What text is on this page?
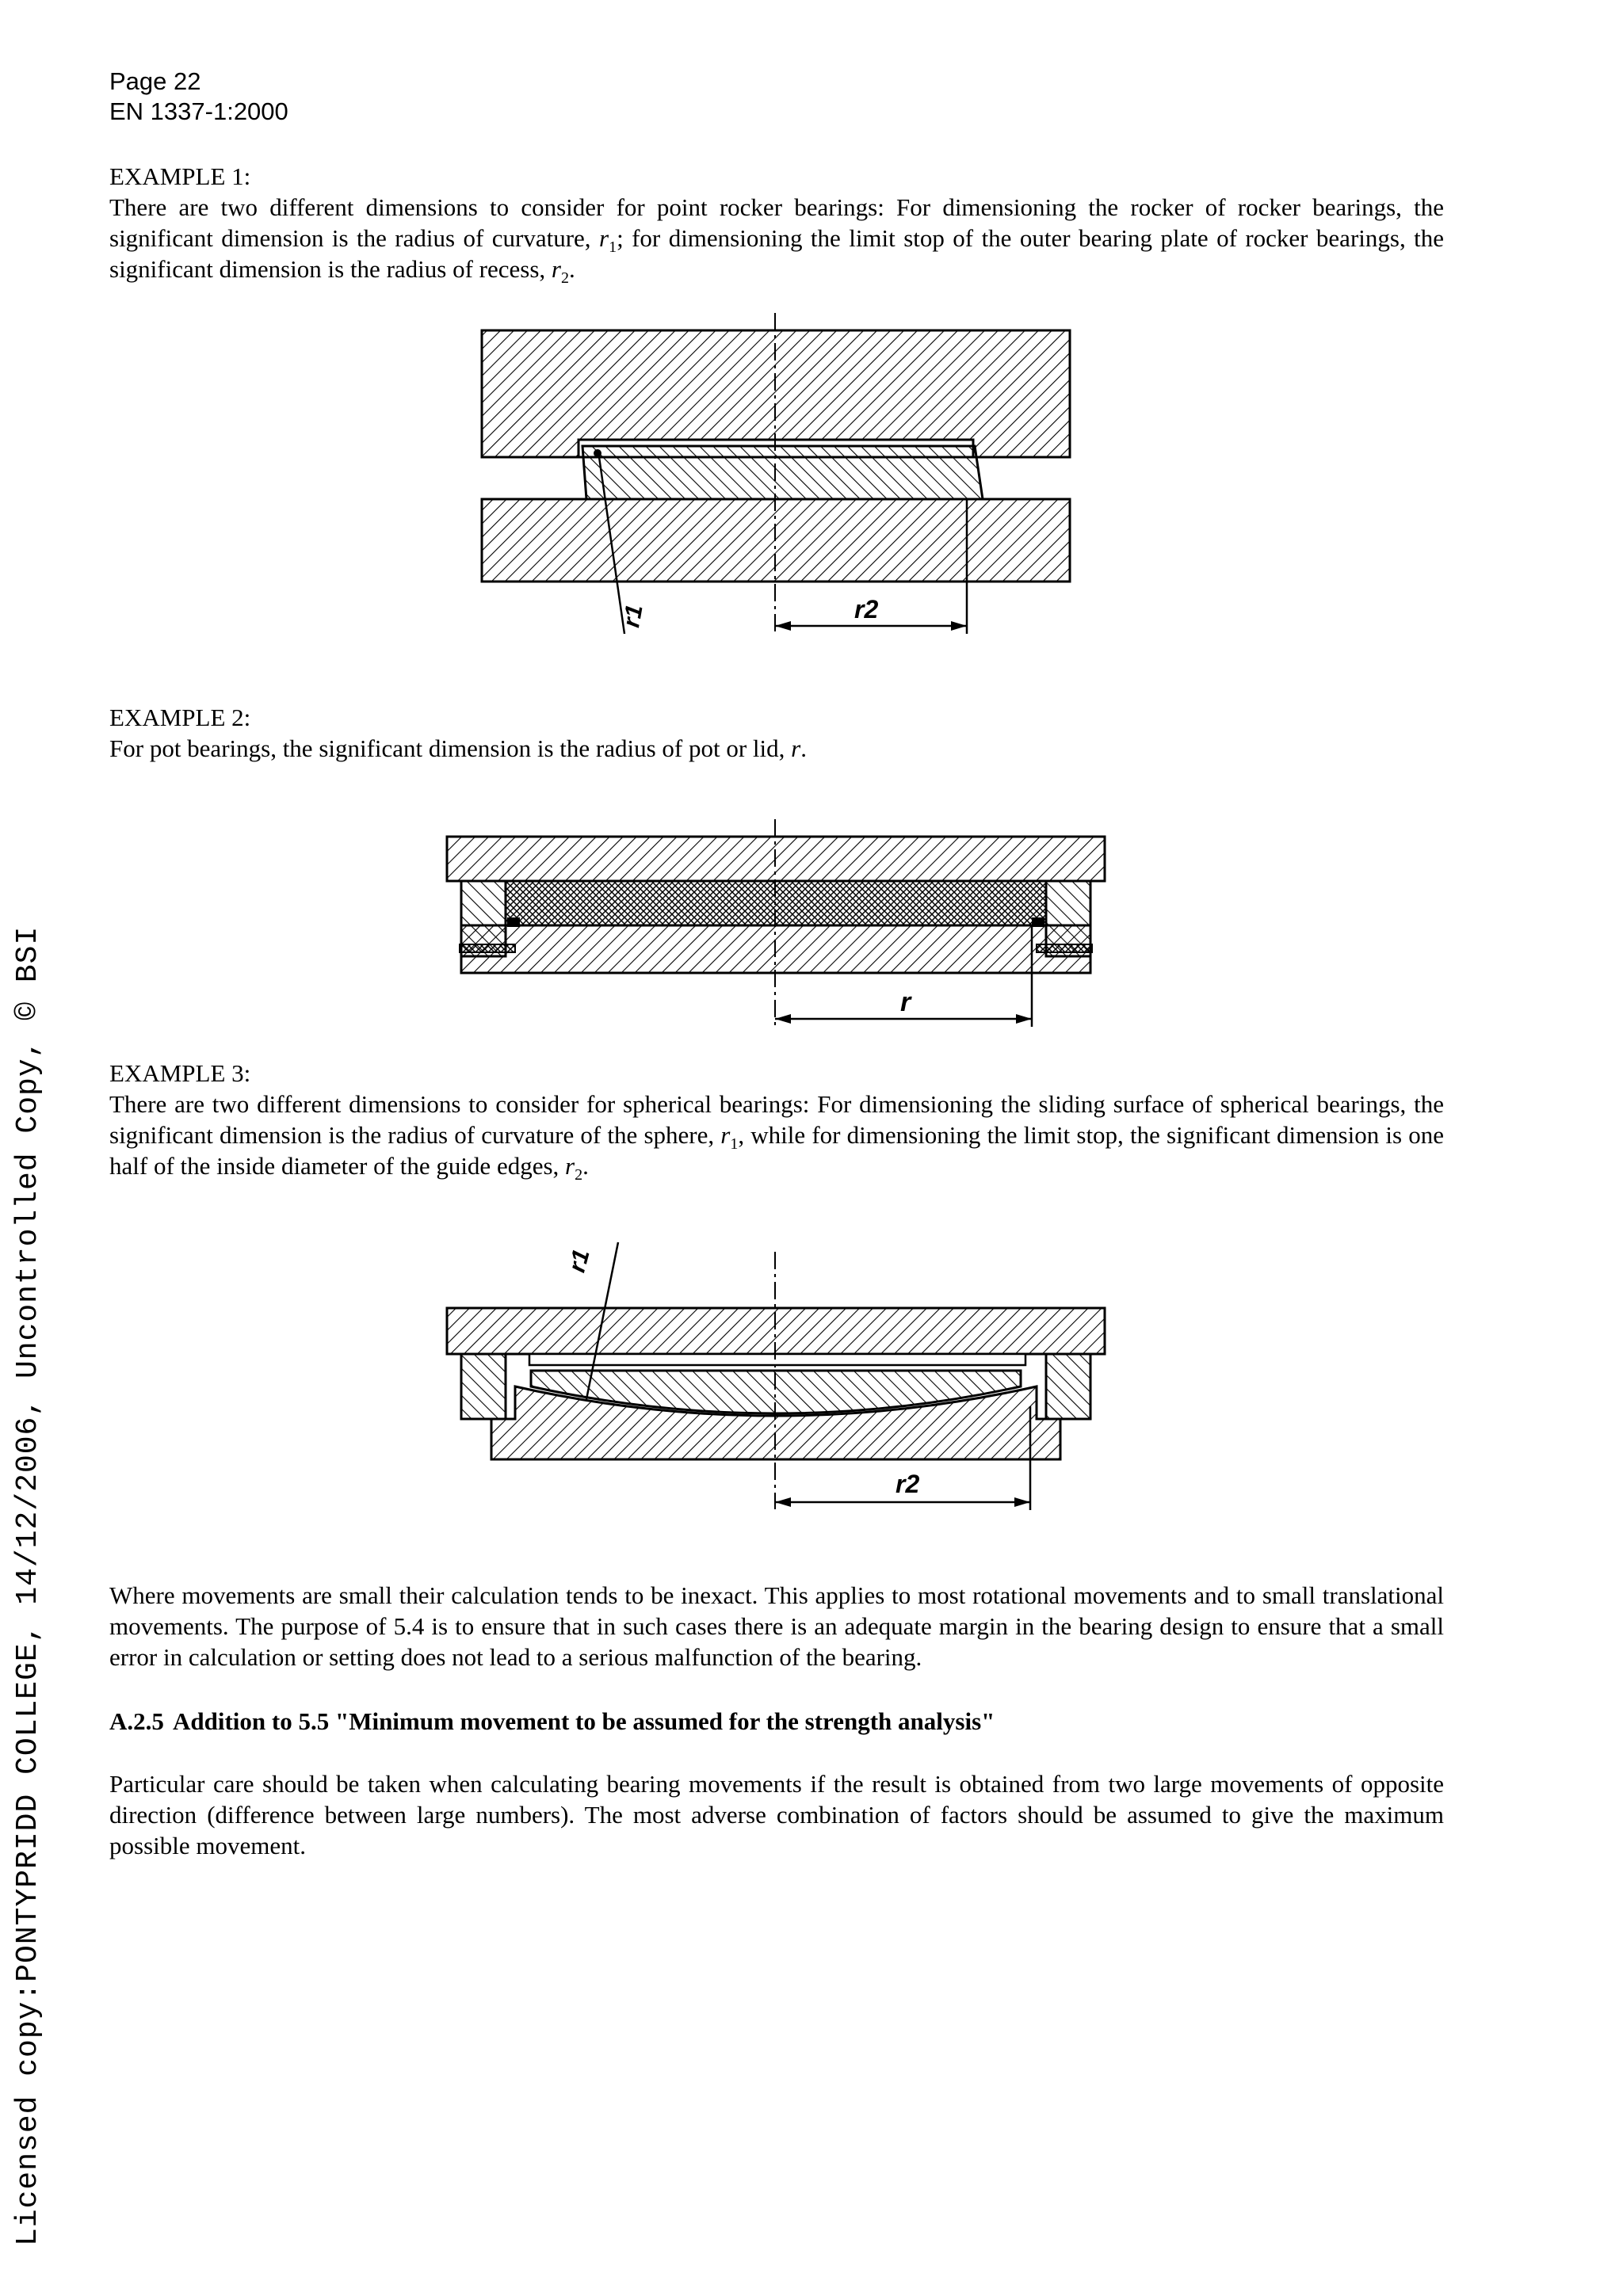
Page 22
EN 1337-1:2000
EXAMPLE 1:
There are two different dimensions to consider for point rocker bearings: For dimensioning the rocker of rocker bearings, the significant dimension is the radius of curvature, $r_1$; for dimensioning the limit stop of the outer bearing plate of rocker bearings, the significant dimension is the radius of recess, $r_2$.
r1	r2
EXAMPLE 2:
For pot bearings, the significant dimension is the radius of pot or lid, r.
r
EXAMPLE 3:
There are two different dimensions to consider for spherical bearings: For dimensioning the sliding surface of spherical bearings, the significant dimension is the radius of curvature of the sphere, $r_1$, while for dimensioning the limit stop, the significant dimension is one half of the inside diameter of the guide edges, $r_2$.
r1
r2
Where movements are small their calculation tends to be inexact. This applies to most rotational movements and to small translational movements. The purpose of 5.4 is to ensure that in such cases there is an adequate margin in the bearing design to ensure that a small error in calculation or setting does not lead to a serious malfunction of the bearing.
A.2.5 Addition to 5.5 "Minimum movement to be assumed for the strength analysis"
Particular care should be taken when calculating bearing movements if the result is obtained from two large movements of opposite direction (difference between large numbers). The most adverse combination of factors should be assumed to give the maximum possible movement.
Licensed copy:PONTYPRIDD COLLEGE, 14/12/2006, Uncontrolled Copy, © BSI
